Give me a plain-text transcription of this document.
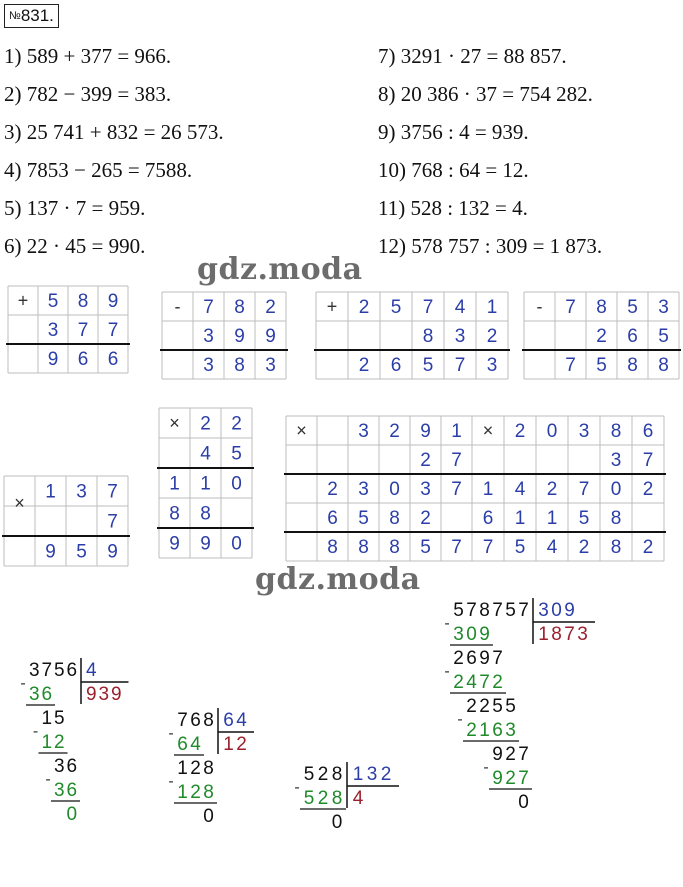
№831.
1) 589 + 377 = 966.
2) 782 − 399 = 383.
3) 25 741 + 832 = 26 573.
4) 7853 − 265 = 7588.
5) 137 · 7 = 959.
6) 22 · 45 = 990.
7) 3291 · 27 = 88 857.
8) 20 386 · 37 = 754 282.
9) 3756 : 4 = 939.
10) 768 : 64 = 12.
11) 528 : 132 = 4.
12) 578 757 : 309 = 1 873.
+ 5 8 9
3 7 7
9 6 6
- 7 8 2
3 9 9
3 8 3
+ 2 5 7 4 1
8 3 2
2 6 5 7 3
- 7 8 5 3
2 6 5
7 5 8 8
×
1 3 7
7
9 5 9
× 2 2
4 5
1 1 0
8 8
9 9 0
×	3 2 9 1
2 7
2 3 0 3 7
6 5 8 2
8 8 8 5 7
× 2 0 3 8 6
3 7
1 4 2 7 0 2
6 1 1 5 8
7 5 4 2 8 2
3 7 5 6 4
9 3 9
3 6
-
1 5
1 2
-
3 6
3 6
-
0
7 6 8 6 4
1 2
6 4
-
1 2 8
1 2 8
-
0
5 2 8 1 3 2
4
5 2 8
-
0
5 7 8 7 5 7 3 0 9
1 8 7 3
3 0 9
-
2 6 9 7
2 4 7 2
-
2 2 5 5
2 1 6 3
-
9 2 7
9 2 7
-
0
gdz.moda
gdz.moda
